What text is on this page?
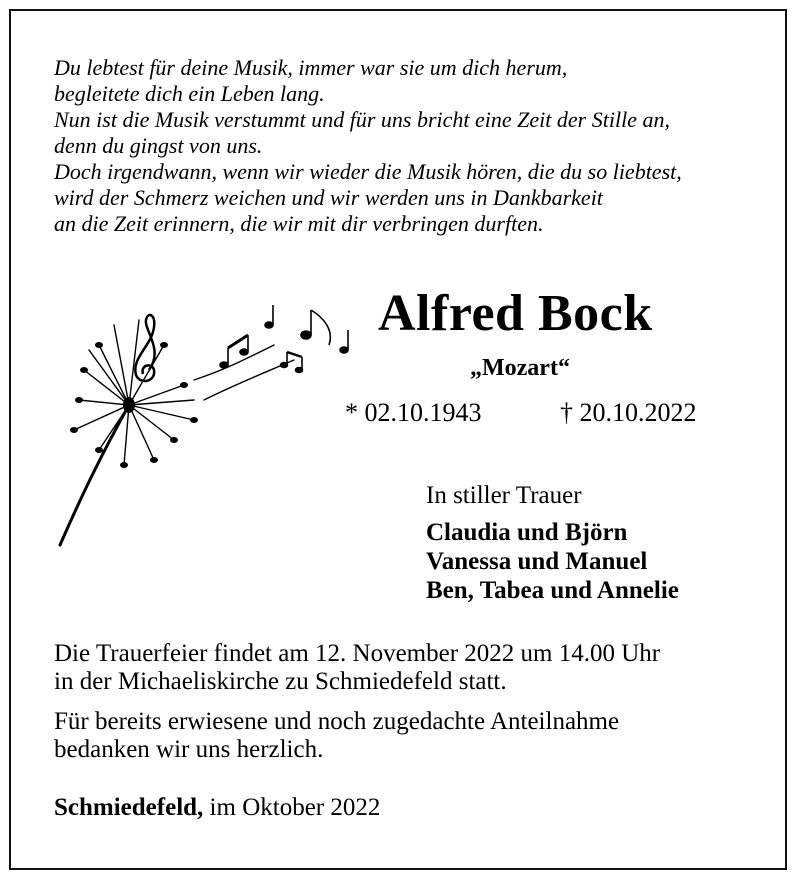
Du lebtest für deine Musik, immer war sie um dich herum,
begleitete dich ein Leben lang.
Nun ist die Musik verstummt und für uns bricht eine Zeit der Stille an,
denn du gingst von uns.
Doch irgendwann, wenn wir wieder die Musik hören, die du so liebtest,
wird der Schmerz weichen und wir werden uns in Dankbarkeit
an die Zeit erinnern, die wir mit dir verbringen durften.
Alfred Bock
„Mozart“
* 02.10.1943	† 20.10.2022
In stiller Trauer
Claudia und Björn
Vanessa und Manuel
Ben, Tabea und Annelie
Die Trauerfeier findet am 12. November 2022 um 14.00 Uhr
in der Michaeliskirche zu Schmiedefeld statt.
Für bereits erwiesene und noch zugedachte Anteilnahme
bedanken wir uns herzlich.
Schmiedefeld, im Oktober 2022
